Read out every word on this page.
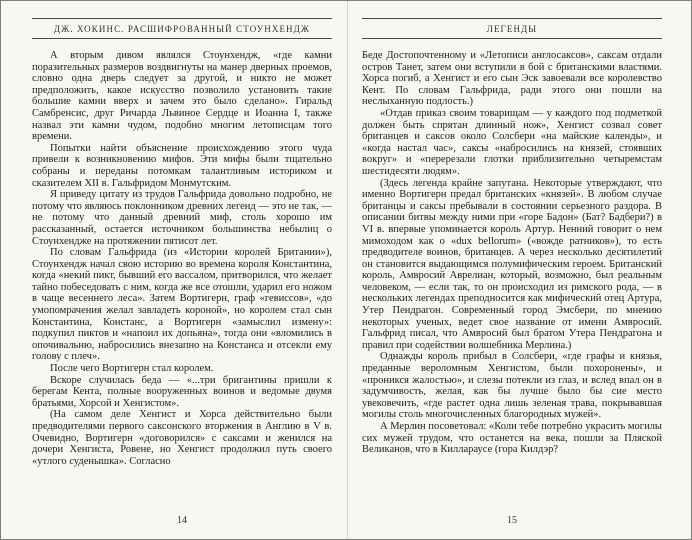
ДЖ. ХОКИНС. РАСШИФРОВАННЫЙ СТОУНХЕНДЖ

А вторым дивом являлся Стоунхендж, «где камни поразительных размеров воздвигнуты на манер дверных проемов, словно одна дверь следует за другой, и никто не может предположить, какое искусство позволило установить такие большие камни вверх и зачем это было сделано». Гиральд Самбренсис, друг Ричарда Львиное Сердце и Иоанна I, также назвал эти камни чудом, подобно многим летописцам того времени.

Попытки найти объяснение происхождению этого чуда привели к возникновению мифов. Эти мифы были тщательно собраны и переданы потомкам талантливым историком и сказителем XII в. Гальфридом Монмутским.

Я приведу цитату из трудов Гальфрида довольно подробно, не потому что являюсь поклонником древних легенд — это не так, — не потому что данный древний миф, столь хорошо им рассказанный, остается источником большинства небылиц о Стоунхендже на протяжении пятисот лет.

По словам Гальфрида (из «Истории королей Британии»), Стоунхендж начал свою историю во времена короля Константина, когда «некий пикт, бывший его вассалом, притворился, что желает тайно побеседовать с ним, когда же все отошли, ударил его ножом в чаще весеннего леса». Затем Вортигерн, граф «гевиссов», «до умопомрачения желал завладеть короной», но королем стал сын Константина, Констанс, а Вортигерн «замыслил измену»: подкупил пиктов и «напоил их допьяна», тогда они «вломились в опочивальню, набросились внезапно на Констанса и отсекли ему голову с плеч».

После чего Вортигерн стал королем.

Вскоре случилась беда — «...три бригантины пришли к берегам Кента, полные вооруженных воинов и ведомые двумя братьями, Хорсой и Хенгистом».

(На самом деле Хенгист и Хорса действительно были предводителями первого саксонского вторжения в Англию в V в. Очевидно, Вортигерн «договорился» с саксами и женился на дочери Хенгиста, Ровене, но Хенгист продолжил путь своего «утлого суденышка». Согласно

14
ЛЕГЕНДЫ

Беде Достопочтенному и «Летописи англосаксов», саксам отдали остров Танет, затем они вступили в бой с британскими властями. Хорса погиб, а Хенгист и его сын Эск завоевали все королевство Кент. По словам Гальфрида, ради этого они пошли на неслыханную подлость.)

«Отдав приказ своим товарищам — у каждого под подметкой должен быть спрятан длинный нож», Хенгист созвал совет британцев и саксов около Солсбери «на майские календы», и «когда настал час», саксы «набросились на князей, стоявших вокруг» и «перерезали глотки приблизительно четыремстам шестидесяти людям».

(Здесь легенда крайне запутана. Некоторые утверждают, что именно Вортигерн предал британских «князей». В любом случае британцы и саксы пребывали в состоянии серьезного раздора. В описании битвы между ними при «горе Бадон» (Бат? Бадбери?) в VI в. впервые упоминается король Артур. Ненний говорит о нем мимоходом как о «dux bellorum» («вожде ратников»), то есть предводителе воинов, британцев. А через несколько десятилетий он становится выдающимся полумифическим героем. Британский король, Амвросий Аврелиан, который, возможно, был реальным человеком, — если так, то он происходил из римского рода, — в нескольких легендах преподносится как мифический отец Артура, Утер Пендрагон. Современный город Эмсбери, по мнению некоторых ученых, ведет свое название от имени Амвросий. Гальфрид писал, что Амвросий был братом Утера Пендрагона и правил при содействии волшебника Мерлина.)

Однажды король прибыл в Солсбери, «где графы и князья, преданные вероломным Хенгистом, были похоронены», и «проникся жалостью», и слезы потекли из глаз, и вслед впал он в задумчивость, желая, как бы лучше было бы сие место увековечить, «где растет одна лишь зеленая трава, покрывавшая могилы столь многочисленных благородных мужей».

А Мерлин посоветовал: «Коли тебе потребно украсить могилы сих мужей трудом, что останется на века, пошли за Пляской Великанов, что в Киллараусе (гора Килдэр?

15
